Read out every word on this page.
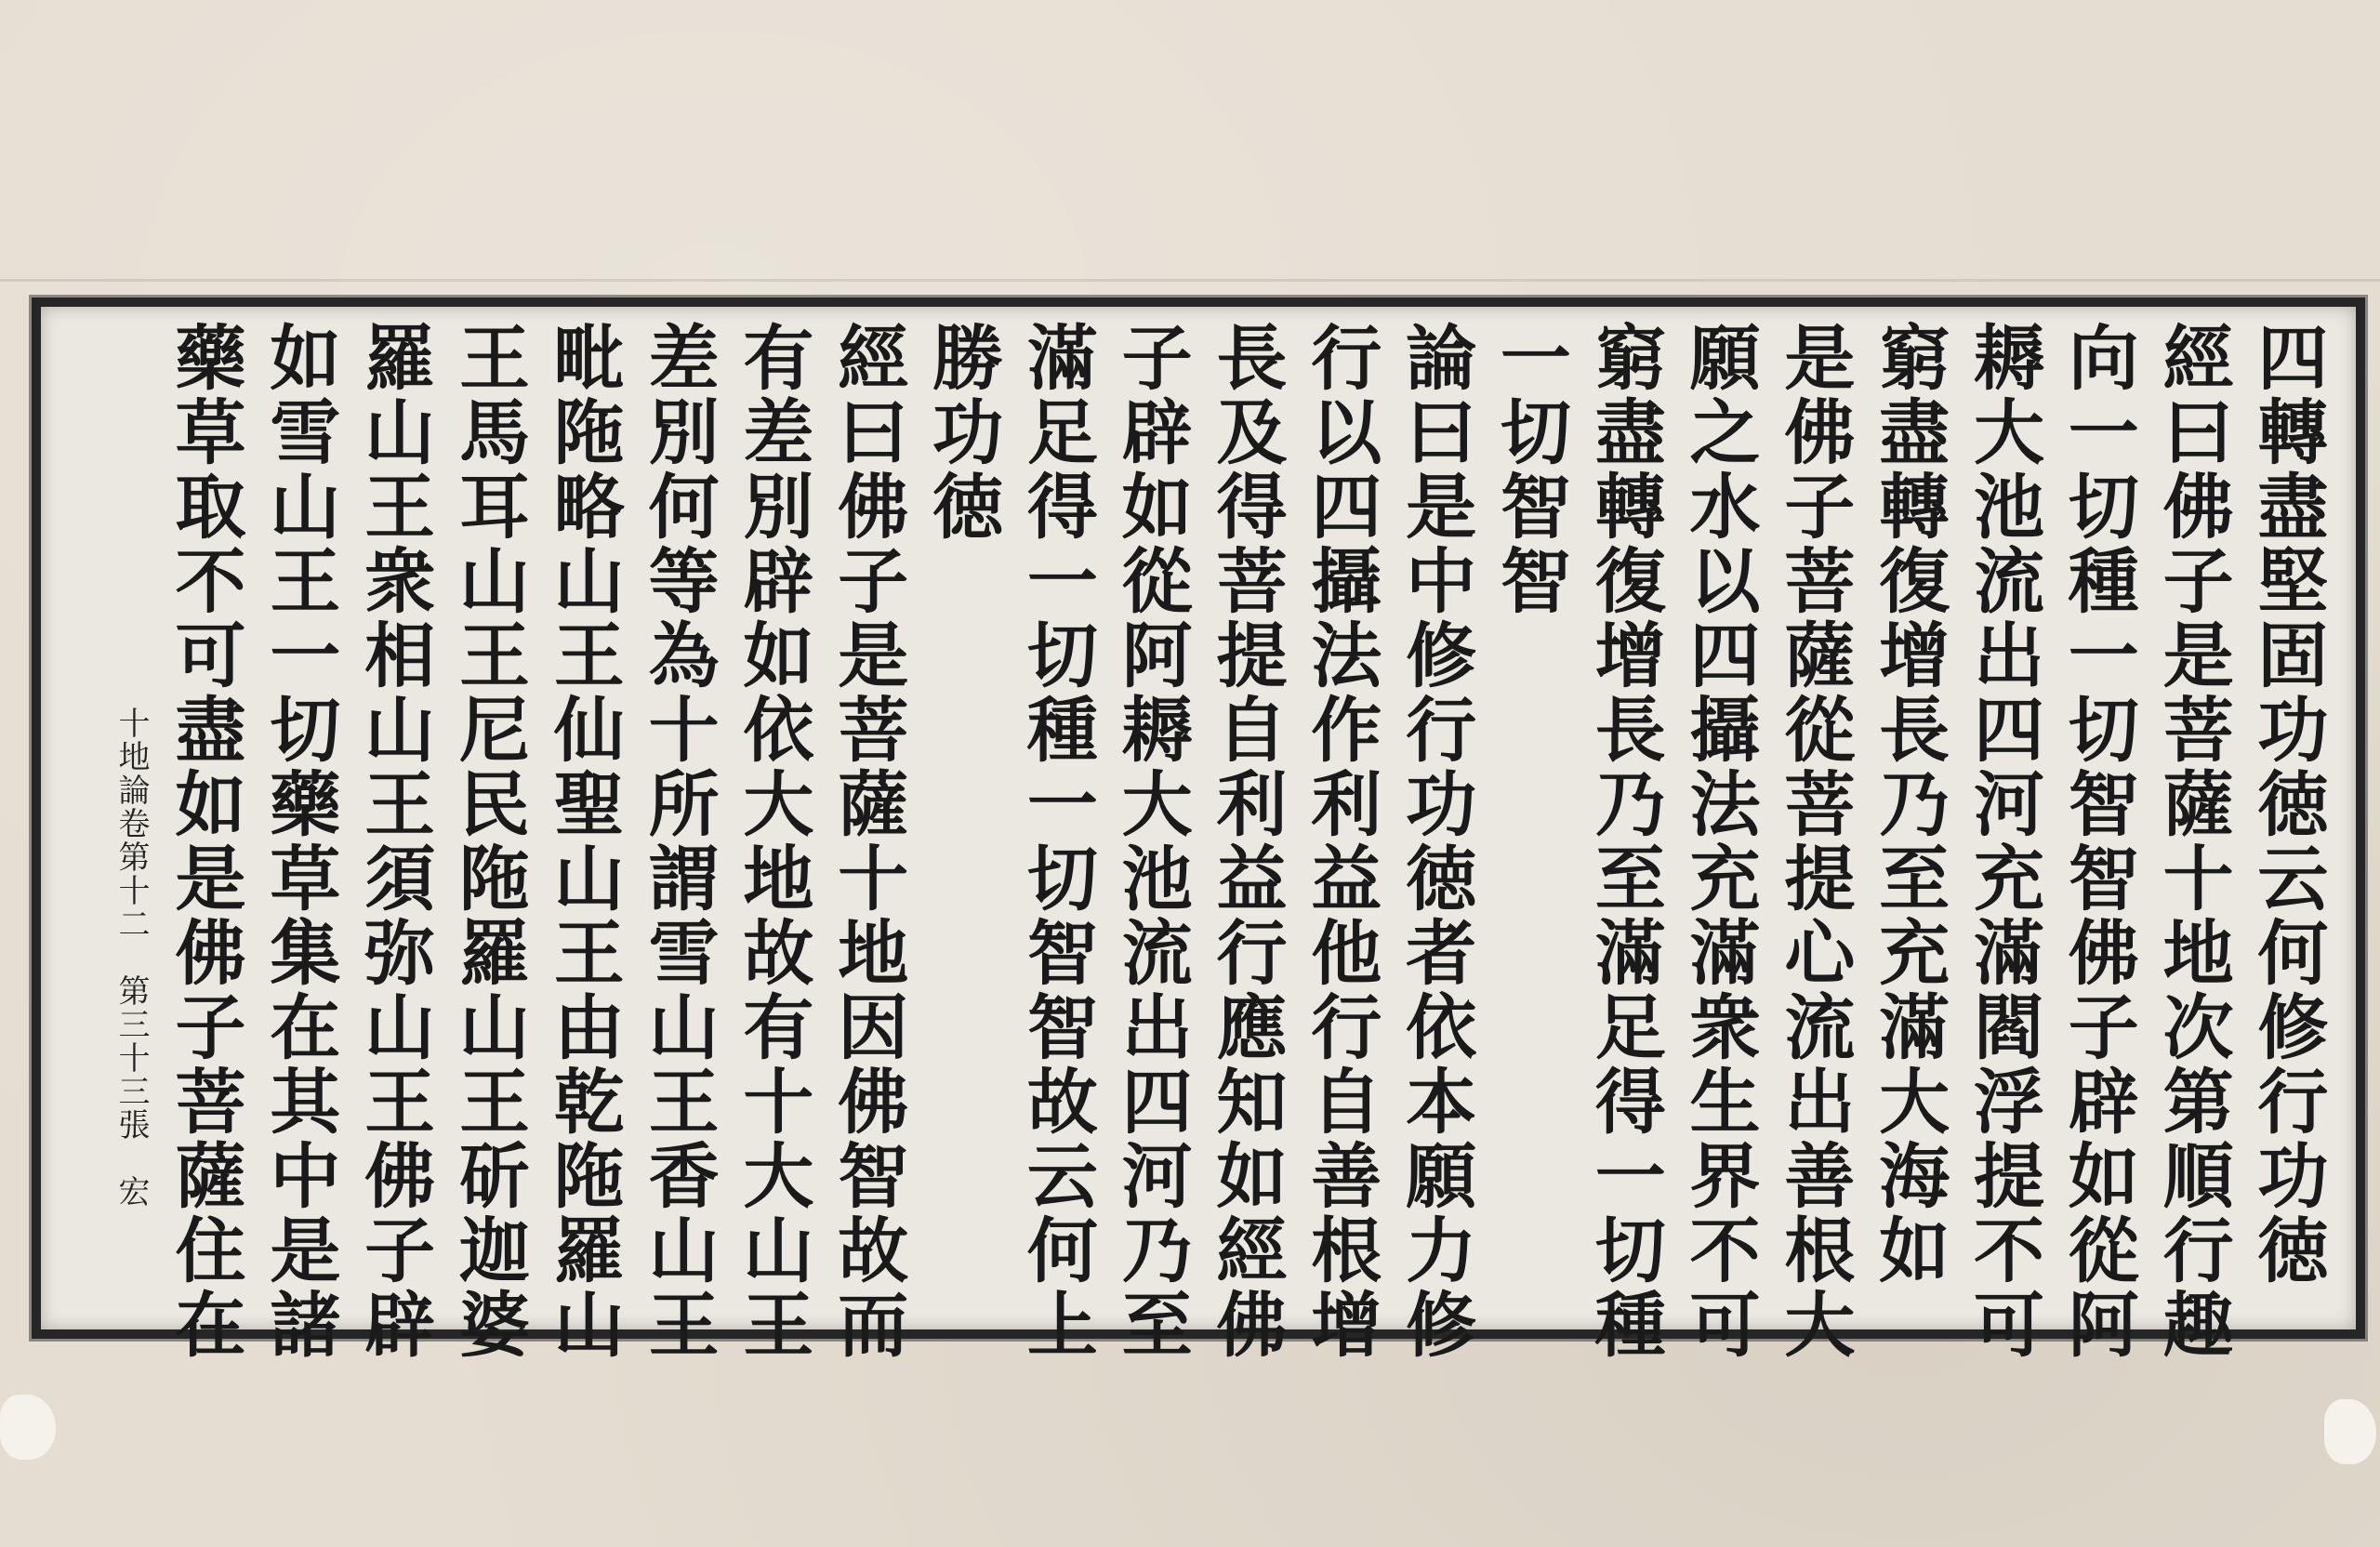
四轉盡堅固功徳云何修行功徳
經曰佛子是菩薩十地次第順行趣
向一切種一切智智佛子辟如從阿
耨大池流出四河充滿閻浮提不可
窮盡轉復增長乃至充滿大海如
是佛子菩薩從菩提心流出善根大
願之水以四攝法充滿衆生界不可
窮盡轉復增長乃至滿足得一切種
一切智智
論曰是中修行功徳者依本願力修
行以四攝法作利益他行自善根增
長及得菩提自利益行應知如經佛
子辟如從阿耨大池流出四河乃至
滿足得一切種一切智智故云何上
勝功徳
經曰佛子是菩薩十地因佛智故而
有差別辟如依大地故有十大山王
差別何等為十所謂雪山王香山王
毗陁略山王仙聖山王由乾陁羅山
王馬耳山王尼民陁羅山王斫迦婆
羅山王衆相山王須弥山王佛子辟
如雪山王一切藥草集在其中是諸
藥草取不可盡如是佛子菩薩住在
十地論卷第十二　第三十三張　宏
